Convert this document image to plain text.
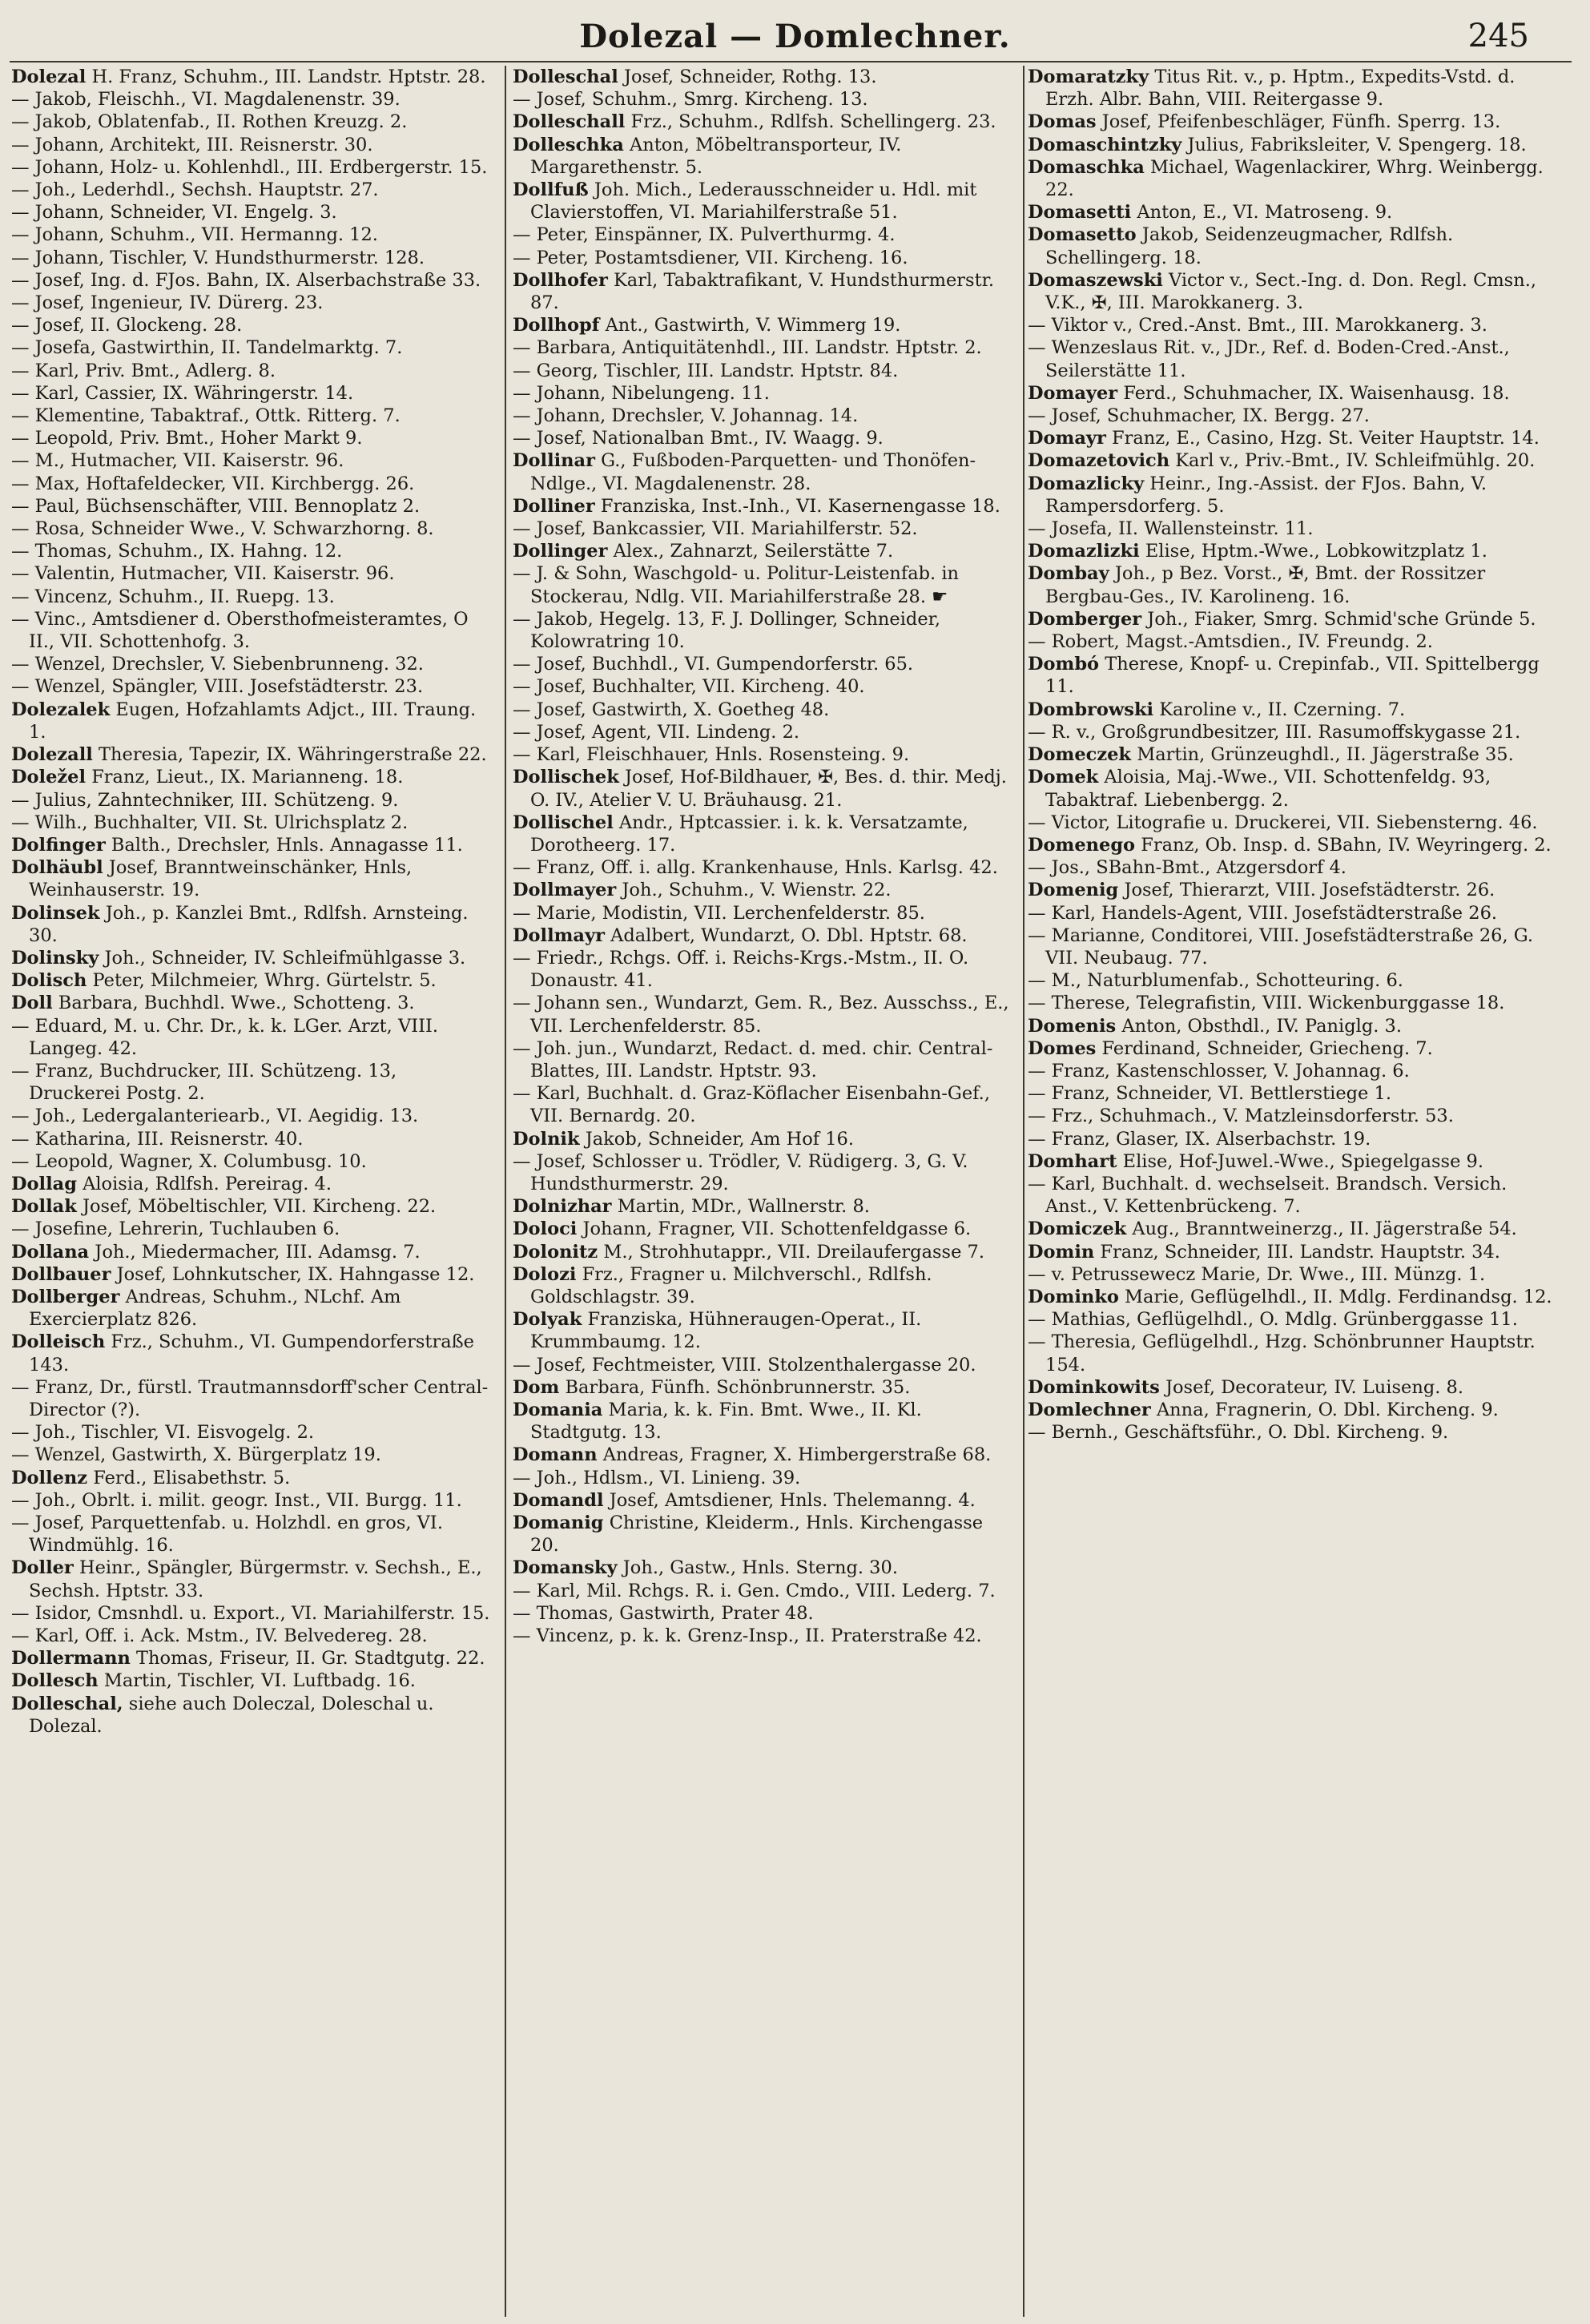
Dolezal — Domlechner.	245
Dolezal H. Franz, Schuhm., III. Landstr. Hptstr. 28.
— Jakob, Fleischh., VI. Magdalenenstr. 39.
— Jakob, Oblatenfab., II. Rothen Kreuzg. 2.
— Johann, Architekt, III. Reisnerstr. 30.
— Johann, Holz- u. Kohlenhdl., III. Erdbergerstr. 15.
— Joh., Lederhdl., Sechsh. Hauptstr. 27.
— Johann, Schneider, VI. Engelg. 3.
— Johann, Schuhm., VII. Hermanng. 12.
— Johann, Tischler, V. Hundsthurmerstr. 128.
— Josef, Ing. d. FJos. Bahn, IX. Alserbachstraße 33.
— Josef, Ingenieur, IV. Dürerg. 23.
— Josef, II. Glockeng. 28.
— Josefa, Gastwirthin, II. Tandelmarktg. 7.
— Karl, Priv. Bmt., Adlerg. 8.
— Karl, Cassier, IX. Währingerstr. 14.
— Klementine, Tabaktraf., Ottk. Ritterg. 7.
— Leopold, Priv. Bmt., Hoher Markt 9.
— M., Hutmacher, VII. Kaiserstr. 96.
— Max, Hoftafeldecker, VII. Kirchbergg. 26.
— Paul, Büchsenschäfter, VIII. Bennoplatz 2.
— Rosa, Schneider Wwe., V. Schwarzhorng. 8.
— Thomas, Schuhm., IX. Hahng. 12.
— Valentin, Hutmacher, VII. Kaiserstr. 96.
— Vincenz, Schuhm., II. Ruepg. 13.
— Vinc., Amtsdiener d. Obersthofmeisteramtes, O II., VII. Schottenhofg. 3.
— Wenzel, Drechsler, V. Siebenbrunneng. 32.
— Wenzel, Spängler, VIII. Josefstädterstr. 23.
Dolezalek Eugen, Hofzahlamts Adjct., III. Traung. 1.
Dolezall Theresia, Tapezir, IX. Währingerstraße 22.
Doležel Franz, Lieut., IX. Marianneng. 18.
— Julius, Zahntechniker, III. Schützeng. 9.
— Wilh., Buchhalter, VII. St. Ulrichsplatz 2.
Dolfinger Balth., Drechsler, Hnls. Annagasse 11.
Dolhäubl Josef, Branntweinschänker, Hnls, Weinhauserstr. 19.
Dolinsek Joh., p. Kanzlei Bmt., Rdlfsh. Arnsteing. 30.
Dolinsky Joh., Schneider, IV. Schleifmühlgasse 3.
Dolisch Peter, Milchmeier, Whrg. Gürtelstr. 5.
Doll Barbara, Buchhdl. Wwe., Schotteng. 3.
— Eduard, M. u. Chr. Dr., k. k. LGer. Arzt, VIII. Langeg. 42.
— Franz, Buchdrucker, III. Schützeng. 13, Druckerei Postg. 2.
— Joh., Ledergalanteriearb., VI. Aegidig. 13.
— Katharina, III. Reisnerstr. 40.
— Leopold, Wagner, X. Columbusg. 10.
Dollag Aloisia, Rdlfsh. Pereirag. 4.
Dollak Josef, Möbeltischler, VII. Kircheng. 22.
— Josefine, Lehrerin, Tuchlauben 6.
Dollana Joh., Miedermacher, III. Adamsg. 7.
Dollbauer Josef, Lohnkutscher, IX. Hahngasse 12.
Dollberger Andreas, Schuhm., NLchf. Am Exercierplatz 826.
Dolleisch Frz., Schuhm., VI. Gumpendorferstraße 143.
— Franz, Dr., fürstl. Trautmannsdorff'scher Central-Director (?).
— Joh., Tischler, VI. Eisvogelg. 2.
— Wenzel, Gastwirth, X. Bürgerplatz 19.
Dollenz Ferd., Elisabethstr. 5.
— Joh., Obrlt. i. milit. geogr. Inst., VII. Burgg. 11.
— Josef, Parquettenfab. u. Holzhdl. en gros, VI. Windmühlg. 16.
Doller Heinr., Spängler, Bürgermstr. v. Sechsh., E., Sechsh. Hptstr. 33.
— Isidor, Cmsnhdl. u. Export., VI. Mariahilferstr. 15.
— Karl, Off. i. Ack. Mstm., IV. Belvedereg. 28.
Dollermann Thomas, Friseur, II. Gr. Stadtgutg. 22.
Dollesch Martin, Tischler, VI. Luftbadg. 16.
Dolleschal, siehe auch Doleczal, Doleschal u. Dolezal.
Dolleschal Josef, Schneider, Rothg. 13.
— Josef, Schuhm., Smrg. Kircheng. 13.
Dolleschall Frz., Schuhm., Rdlfsh. Schellingerg. 23.
Dolleschka Anton, Möbeltransporteur, IV. Margarethenstr. 5.
Dollfuß Joh. Mich., Lederausschneider u. Hdl. mit Clavierstoffen, VI. Mariahilferstraße 51.
— Peter, Einspänner, IX. Pulverthurmg. 4.
— Peter, Postamtsdiener, VII. Kircheng. 16.
Dollhofer Karl, Tabaktrafikant, V. Hundsthurmerstr. 87.
Dollhopf Ant., Gastwirth, V. Wimmerg 19.
— Barbara, Antiquitätenhdl., III. Landstr. Hptstr. 2.
— Georg, Tischler, III. Landstr. Hptstr. 84.
— Johann, Nibelungeng. 11.
— Johann, Drechsler, V. Johannag. 14.
— Josef, Nationalban Bmt., IV. Waagg. 9.
Dollinar G., Fußboden-Parquetten- und Thonöfen-Ndlge., VI. Magdalenenstr. 28.
Dolliner Franziska, Inst.-Inh., VI. Kasernengasse 18.
— Josef, Bankcassier, VII. Mariahilferstr. 52.
Dollinger Alex., Zahnarzt, Seilerstätte 7.
— J. & Sohn, Waschgold- u. Politur-Leistenfab. in Stockerau, Ndlg. VII. Mariahilferstraße 28. ☛
— Jakob, Hegelg. 13, F. J. Dollinger, Schneider, Kolowratring 10.
— Josef, Buchhdl., VI. Gumpendorferstr. 65.
— Josef, Buchhalter, VII. Kircheng. 40.
— Josef, Gastwirth, X. Goetheg 48.
— Josef, Agent, VII. Lindeng. 2.
— Karl, Fleischhauer, Hnls. Rosensteing. 9.
Dollischek Josef, Hof-Bildhauer, ✠, Bes. d. thir. Medj. O. IV., Atelier V. U. Bräuhausg. 21.
Dollischel Andr., Hptcassier. i. k. k. Versatzamte, Dorotheerg. 17.
— Franz, Off. i. allg. Krankenhause, Hnls. Karlsg. 42.
Dollmayer Joh., Schuhm., V. Wienstr. 22.
— Marie, Modistin, VII. Lerchenfelderstr. 85.
Dollmayr Adalbert, Wundarzt, O. Dbl. Hptstr. 68.
— Friedr., Rchgs. Off. i. Reichs-Krgs.-Mstm., II. O. Donaustr. 41.
— Johann sen., Wundarzt, Gem. R., Bez. Ausschss., E., VII. Lerchenfelderstr. 85.
— Joh. jun., Wundarzt, Redact. d. med. chir. Central-Blattes, III. Landstr. Hptstr. 93.
— Karl, Buchhalt. d. Graz-Köflacher Eisenbahn-Gef., VII. Bernardg. 20.
Dolnik Jakob, Schneider, Am Hof 16.
— Josef, Schlosser u. Trödler, V. Rüdigerg. 3, G. V. Hundsthurmerstr. 29.
Dolnizhar Martin, MDr., Wallnerstr. 8.
Doloci Johann, Fragner, VII. Schottenfeldgasse 6.
Dolonitz M., Strohhutappr., VII. Dreilaufergasse 7.
Dolozi Frz., Fragner u. Milchverschl., Rdlfsh. Goldschlagstr. 39.
Dolyak Franziska, Hühneraugen-Operat., II. Krummbaumg. 12.
— Josef, Fechtmeister, VIII. Stolzenthalergasse 20.
Dom Barbara, Fünfh. Schönbrunnerstr. 35.
Domania Maria, k. k. Fin. Bmt. Wwe., II. Kl. Stadtgutg. 13.
Domann Andreas, Fragner, X. Himbergerstraße 68.
— Joh., Hdlsm., VI. Linieng. 39.
Domandl Josef, Amtsdiener, Hnls. Thelemanng. 4.
Domanig Christine, Kleiderm., Hnls. Kirchengasse 20.
Domansky Joh., Gastw., Hnls. Sterng. 30.
— Karl, Mil. Rchgs. R. i. Gen. Cmdo., VIII. Lederg. 7.
— Thomas, Gastwirth, Prater 48.
— Vincenz, p. k. k. Grenz-Insp., II. Praterstraße 42.
Domaratzky Titus Rit. v., p. Hptm., Expedits-Vstd. d. Erzh. Albr. Bahn, VIII. Reitergasse 9.
Domas Josef, Pfeifenbeschläger, Fünfh. Sperrg. 13.
Domaschintzky Julius, Fabriksleiter, V. Spengerg. 18.
Domaschka Michael, Wagenlackirer, Whrg. Weinbergg. 22.
Domasetti Anton, E., VI. Matroseng. 9.
Domasetto Jakob, Seidenzeugmacher, Rdlfsh. Schellingerg. 18.
Domaszewski Victor v., Sect.-Ing. d. Don. Regl. Cmsn., V.K., ✠, III. Marokkanerg. 3.
— Viktor v., Cred.-Anst. Bmt., III. Marokkanerg. 3.
— Wenzeslaus Rit. v., JDr., Ref. d. Boden-Cred.-Anst., Seilerstätte 11.
Domayer Ferd., Schuhmacher, IX. Waisenhausg. 18.
— Josef, Schuhmacher, IX. Bergg. 27.
Domayr Franz, E., Casino, Hzg. St. Veiter Hauptstr. 14.
Domazetovich Karl v., Priv.-Bmt., IV. Schleifmühlg. 20.
Domazlicky Heinr., Ing.-Assist. der FJos. Bahn, V. Rampersdorferg. 5.
— Josefa, II. Wallensteinstr. 11.
Domazlizki Elise, Hptm.-Wwe., Lobkowitzplatz 1.
Dombay Joh., p Bez. Vorst., ✠, Bmt. der Rossitzer Bergbau-Ges., IV. Karolineng. 16.
Domberger Joh., Fiaker, Smrg. Schmid'sche Gründe 5.
— Robert, Magst.-Amtsdien., IV. Freundg. 2.
Dombó Therese, Knopf- u. Crepinfab., VII. Spittelbergg 11.
Dombrowski Karoline v., II. Czerning. 7.
— R. v., Großgrundbesitzer, III. Rasumoffskygasse 21.
Domeczek Martin, Grünzeughdl., II. Jägerstraße 35.
Domek Aloisia, Maj.-Wwe., VII. Schottenfeldg. 93, Tabaktraf. Liebenbergg. 2.
— Victor, Litografie u. Druckerei, VII. Siebensterng. 46.
Domenego Franz, Ob. Insp. d. SBahn, IV. Weyringerg. 2.
— Jos., SBahn-Bmt., Atzgersdorf 4.
Domenig Josef, Thierarzt, VIII. Josefstädterstr. 26.
— Karl, Handels-Agent, VIII. Josefstädterstraße 26.
— Marianne, Conditorei, VIII. Josefstädterstraße 26, G. VII. Neubaug. 77.
— M., Naturblumenfab., Schotteuring. 6.
— Therese, Telegrafistin, VIII. Wickenburggasse 18.
Domenis Anton, Obsthdl., IV. Paniglg. 3.
Domes Ferdinand, Schneider, Griecheng. 7.
— Franz, Kastenschlosser, V. Johannag. 6.
— Franz, Schneider, VI. Bettlerstiege 1.
— Frz., Schuhmach., V. Matzleinsdorferstr. 53.
— Franz, Glaser, IX. Alserbachstr. 19.
Domhart Elise, Hof-Juwel.-Wwe., Spiegelgasse 9.
— Karl, Buchhalt. d. wechselseit. Brandsch. Versich. Anst., V. Kettenbrückeng. 7.
Domiczek Aug., Branntweinerzg., II. Jägerstraße 54.
Domin Franz, Schneider, III. Landstr. Hauptstr. 34.
— v. Petrussewecz Marie, Dr. Wwe., III. Münzg. 1.
Dominko Marie, Geflügelhdl., II. Mdlg. Ferdinandsg. 12.
— Mathias, Geflügelhdl., O. Mdlg. Grünberggasse 11.
— Theresia, Geflügelhdl., Hzg. Schönbrunner Hauptstr. 154.
Dominkowits Josef, Decorateur, IV. Luiseng. 8.
Domlechner Anna, Fragnerin, O. Dbl. Kircheng. 9.
— Bernh., Geschäftsführ., O. Dbl. Kircheng. 9.
